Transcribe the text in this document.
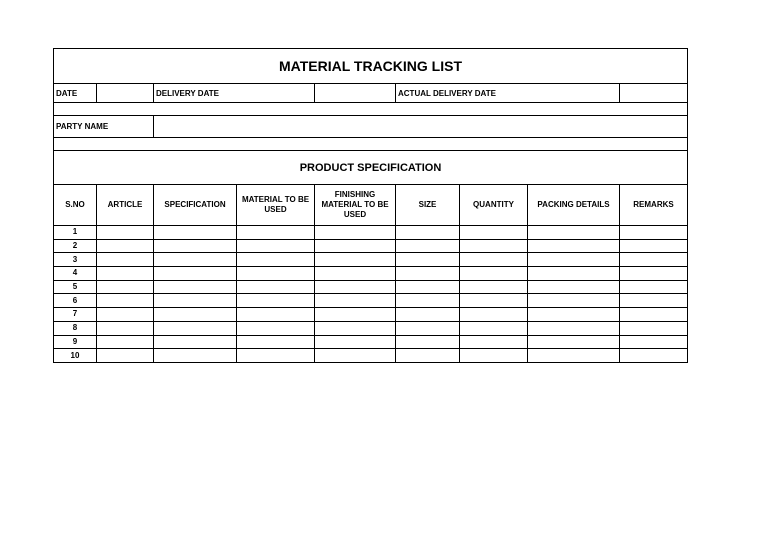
MATERIAL TRACKING LIST								
DATE		DELIVERY DATE			ACTUAL DELIVERY DATE			

PARTY NAME								

PRODUCT SPECIFICATION								
S.NO	ARTICLE	SPECIFICATION	MATERIAL TO BE USED	FINISHING MATERIAL TO BE USED	SIZE	QUANTITY	PACKING DETAILS	REMARKS
1								
2								
3								
4								
5								
6								
7								
8								
9								
10								
